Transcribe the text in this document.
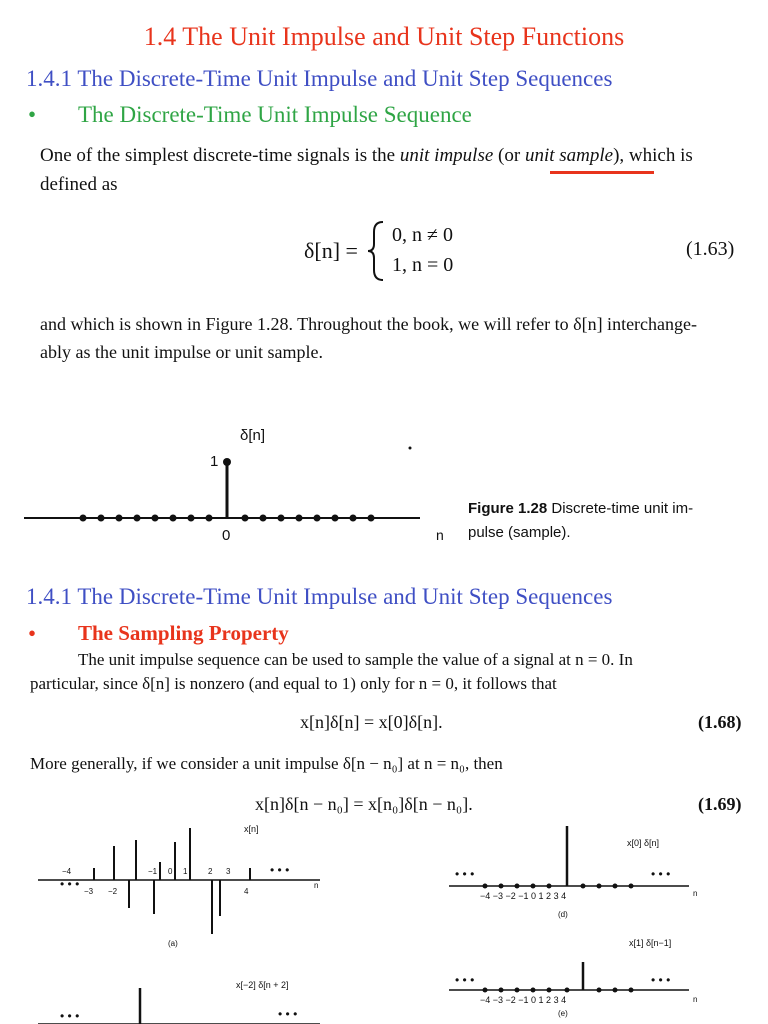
1.4 The Unit Impulse and Unit Step Functions
1.4.1 The Discrete-Time Unit Impulse and Unit Step Sequences
• The Discrete-Time Unit Impulse Sequence
One of the simplest discrete-time signals is the unit impulse (or unit sample), which is
defined as
δ[n] =
0, n ≠ 0
1, n = 0
(1.63)
and which is shown in Figure 1.28. Throughout the book, we will refer to δ[n] interchange-
ably as the unit impulse or unit sample.
δ[n]
1
0	n
Figure 1.28 Discrete-time unit im-
pulse (sample).
1.4.1 The Discrete-Time Unit Impulse and Unit Step Sequences
• The Sampling Property
The unit impulse sequence can be used to sample the value of a signal at n = 0. In
particular, since δ[n] is nonzero (and equal to 1) only for n = 0, it follows that
x[n]δ[n] = x[0]δ[n].	(1.68)
More generally, if we consider a unit impulse δ[n − n₀] at n = n₀, then
x[n]δ[n − n₀] = x[n₀]δ[n − n₀].	(1.69)
x[n]
• • •
• • •
n
(a)
−4
−3 −2
−1 0 1	2 3
4
x[−2] δ[n + 2]
• • •	• • •
x[0] δ[n]
• • •	• • •
n
−4 −3 −2 −1 0 1 2 3 4
(d)
x[1] δ[n−1]
• • •	• • •
n
−4 −3 −2 −1 0 1 2 3 4
(e)
